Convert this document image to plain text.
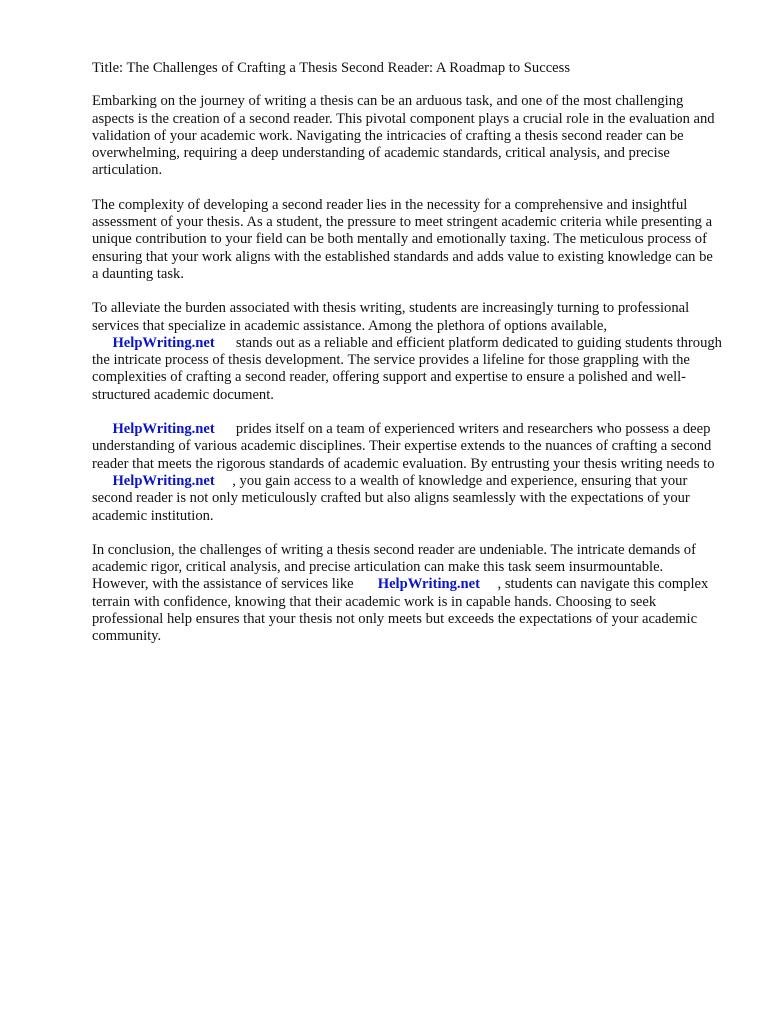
Title: The Challenges of Crafting a Thesis Second Reader: A Roadmap to Success

Embarking on the journey of writing a thesis can be an arduous task, and one of the most challenging aspects is the creation of a second reader. This pivotal component plays a crucial role in the evaluation and validation of your academic work. Navigating the intricacies of crafting a thesis second reader can be overwhelming, requiring a deep understanding of academic standards, critical analysis, and precise articulation.

The complexity of developing a second reader lies in the necessity for a comprehensive and insightful assessment of your thesis. As a student, the pressure to meet stringent academic criteria while presenting a unique contribution to your field can be both mentally and emotionally taxing. The meticulous process of ensuring that your work aligns with the established standards and adds value to existing knowledge can be a daunting task.

To alleviate the burden associated with thesis writing, students are increasingly turning to professional services that specialize in academic assistance. Among the plethora of options available, HelpWriting.net stands out as a reliable and efficient platform dedicated to guiding students through the intricate process of thesis development. The service provides a lifeline for those grappling with the complexities of crafting a second reader, offering support and expertise to ensure a polished and well-structured academic document.

HelpWriting.net prides itself on a team of experienced writers and researchers who possess a deep understanding of various academic disciplines. Their expertise extends to the nuances of crafting a second reader that meets the rigorous standards of academic evaluation. By entrusting your thesis writing needs to HelpWriting.net , you gain access to a wealth of knowledge and experience, ensuring that your second reader is not only meticulously crafted but also aligns seamlessly with the expectations of your academic institution.

In conclusion, the challenges of writing a thesis second reader are undeniable. The intricate demands of academic rigor, critical analysis, and precise articulation can make this task seem insurmountable. However, with the assistance of services like HelpWriting.net , students can navigate this complex terrain with confidence, knowing that their academic work is in capable hands. Choosing to seek professional help ensures that your thesis not only meets but exceeds the expectations of your academic community.
